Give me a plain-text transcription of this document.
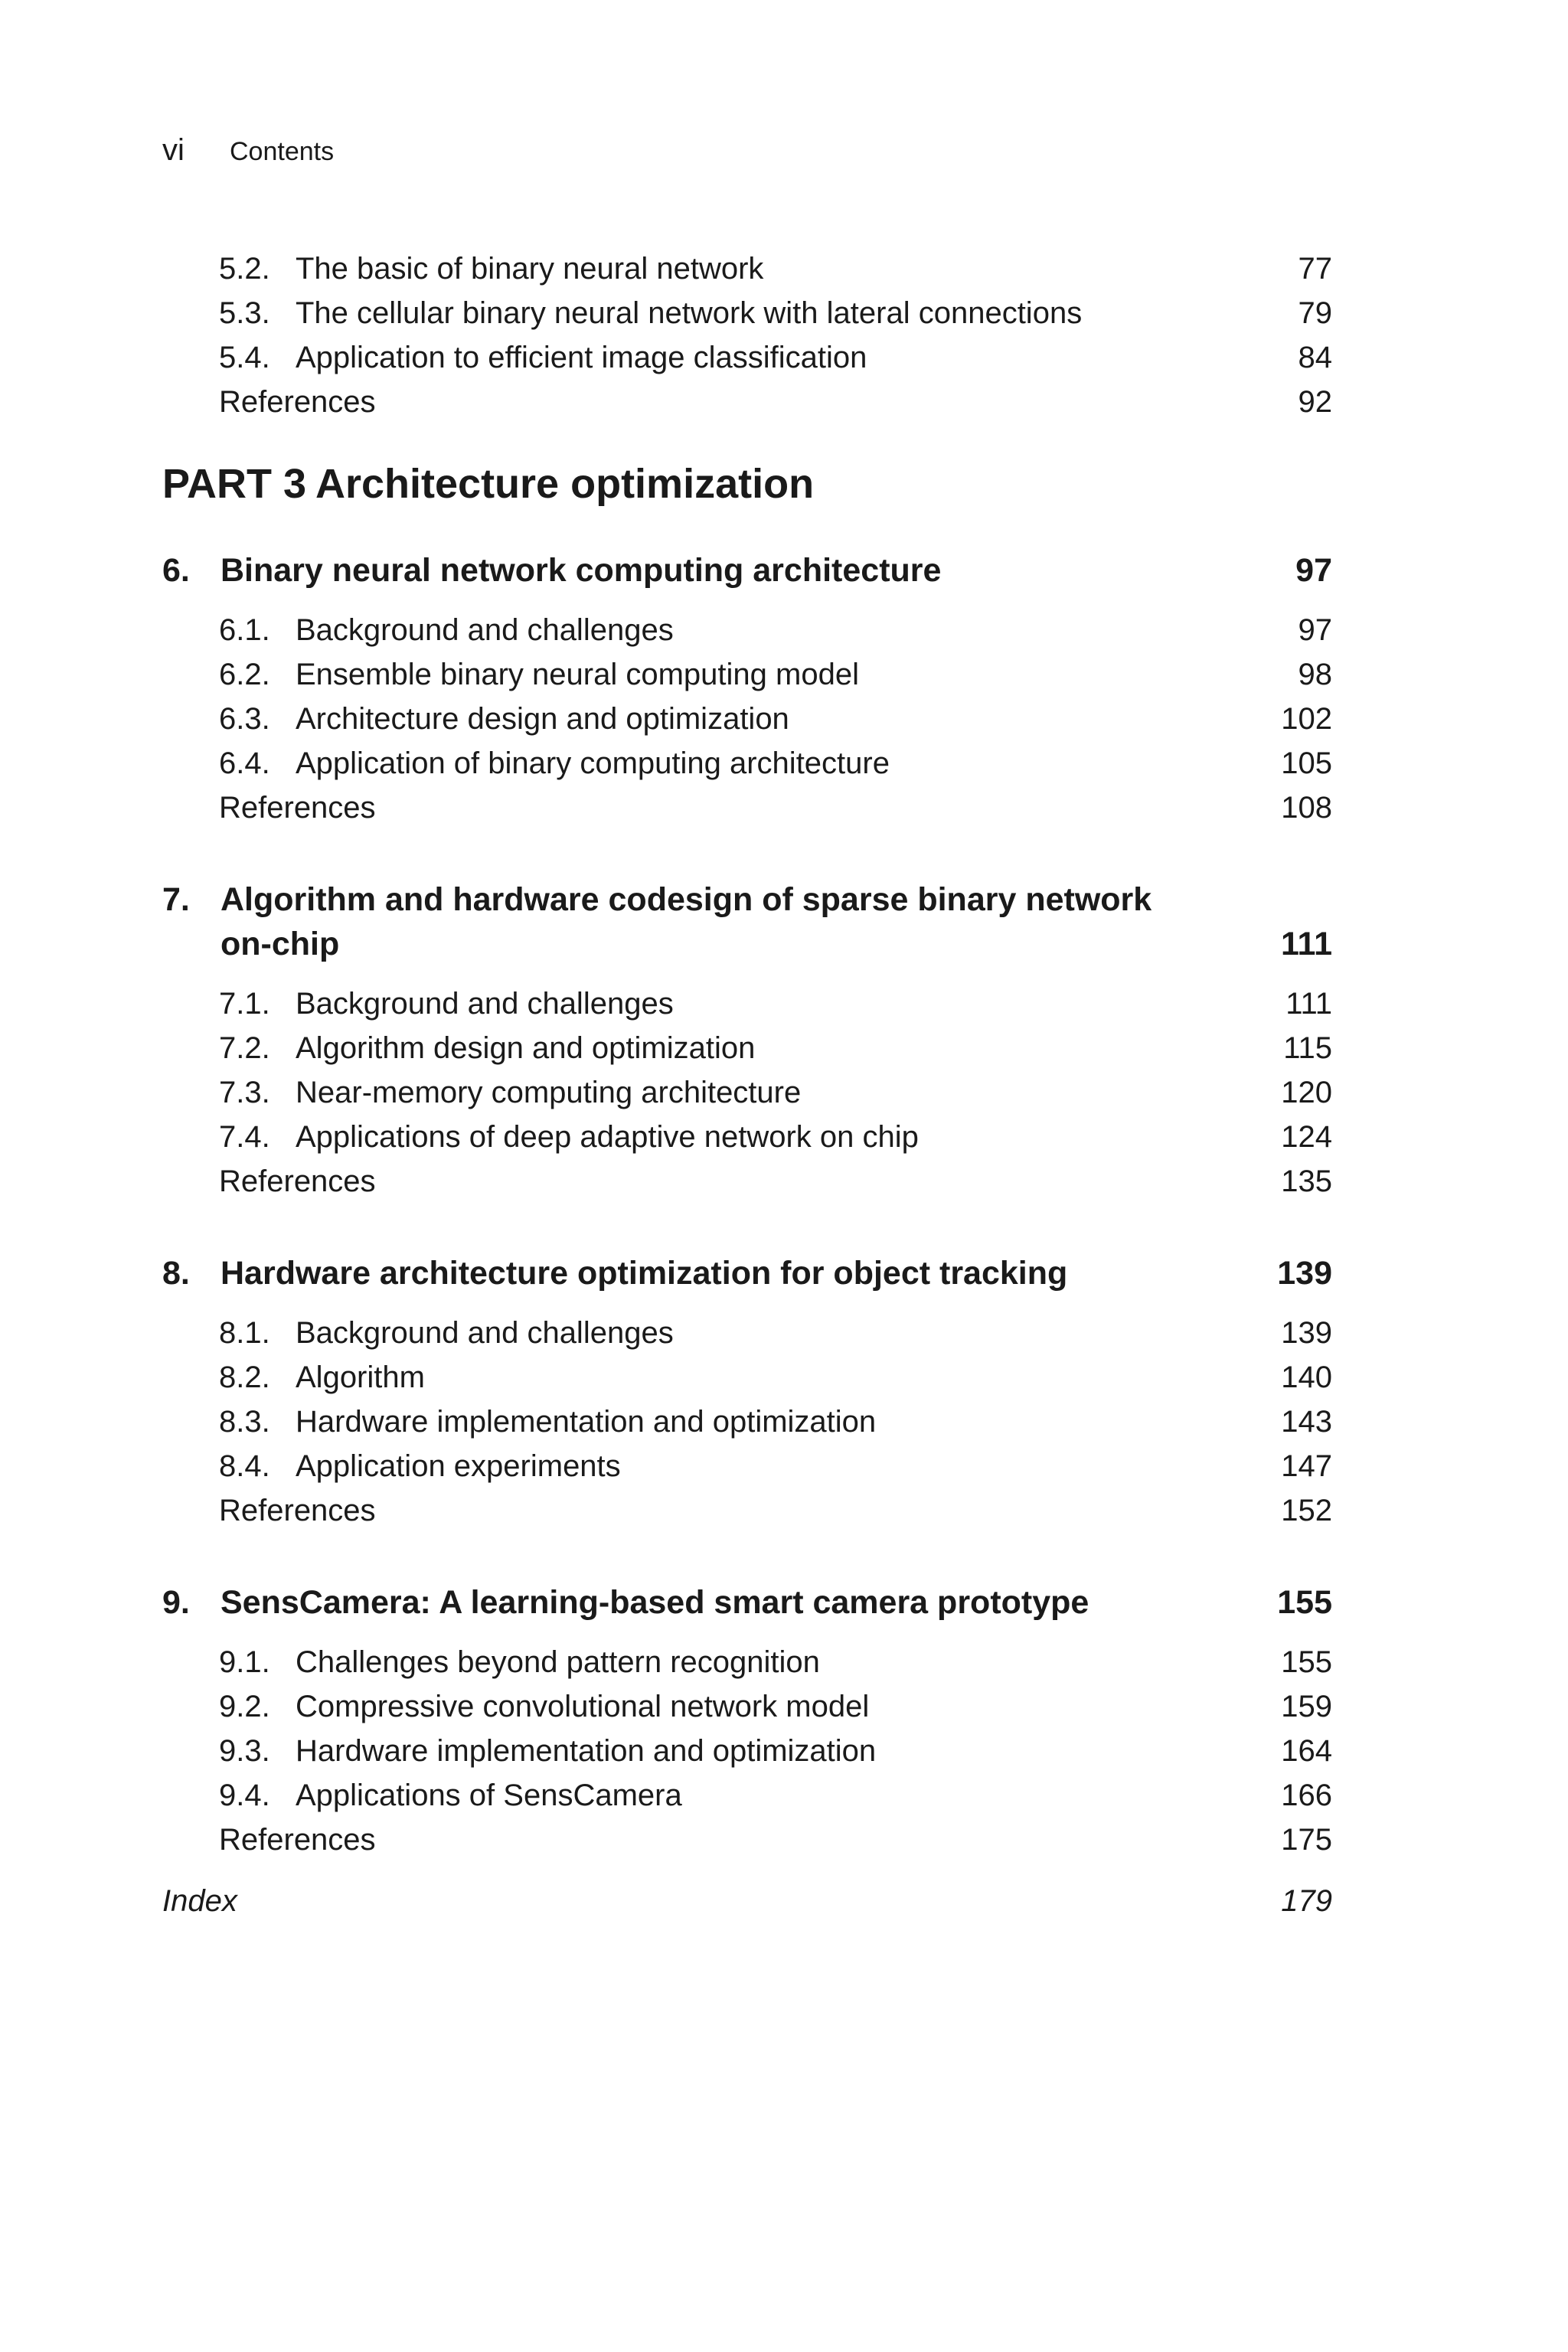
vi Contents
5.2. The basic of binary neural network	77
5.3. The cellular binary neural network with lateral connections	79
5.4. Application to efficient image classification	84
References	92
PART 3 Architecture optimization
6. Binary neural network computing architecture	97
6.1. Background and challenges	97
6.2. Ensemble binary neural computing model	98
6.3. Architecture design and optimization	102
6.4. Application of binary computing architecture	105
References	108
7. Algorithm and hardware codesign of sparse binary network
on-chip	111
7.1. Background and challenges	111
7.2. Algorithm design and optimization	115
7.3. Near-memory computing architecture	120
7.4. Applications of deep adaptive network on chip	124
References	135
8. Hardware architecture optimization for object tracking	139
8.1. Background and challenges	139
8.2. Algorithm	140
8.3. Hardware implementation and optimization	143
8.4. Application experiments	147
References	152
9. SensCamera: A learning-based smart camera prototype	155
9.1. Challenges beyond pattern recognition	155
9.2. Compressive convolutional network model	159
9.3. Hardware implementation and optimization	164
9.4. Applications of SensCamera	166
References	175
Index	179
